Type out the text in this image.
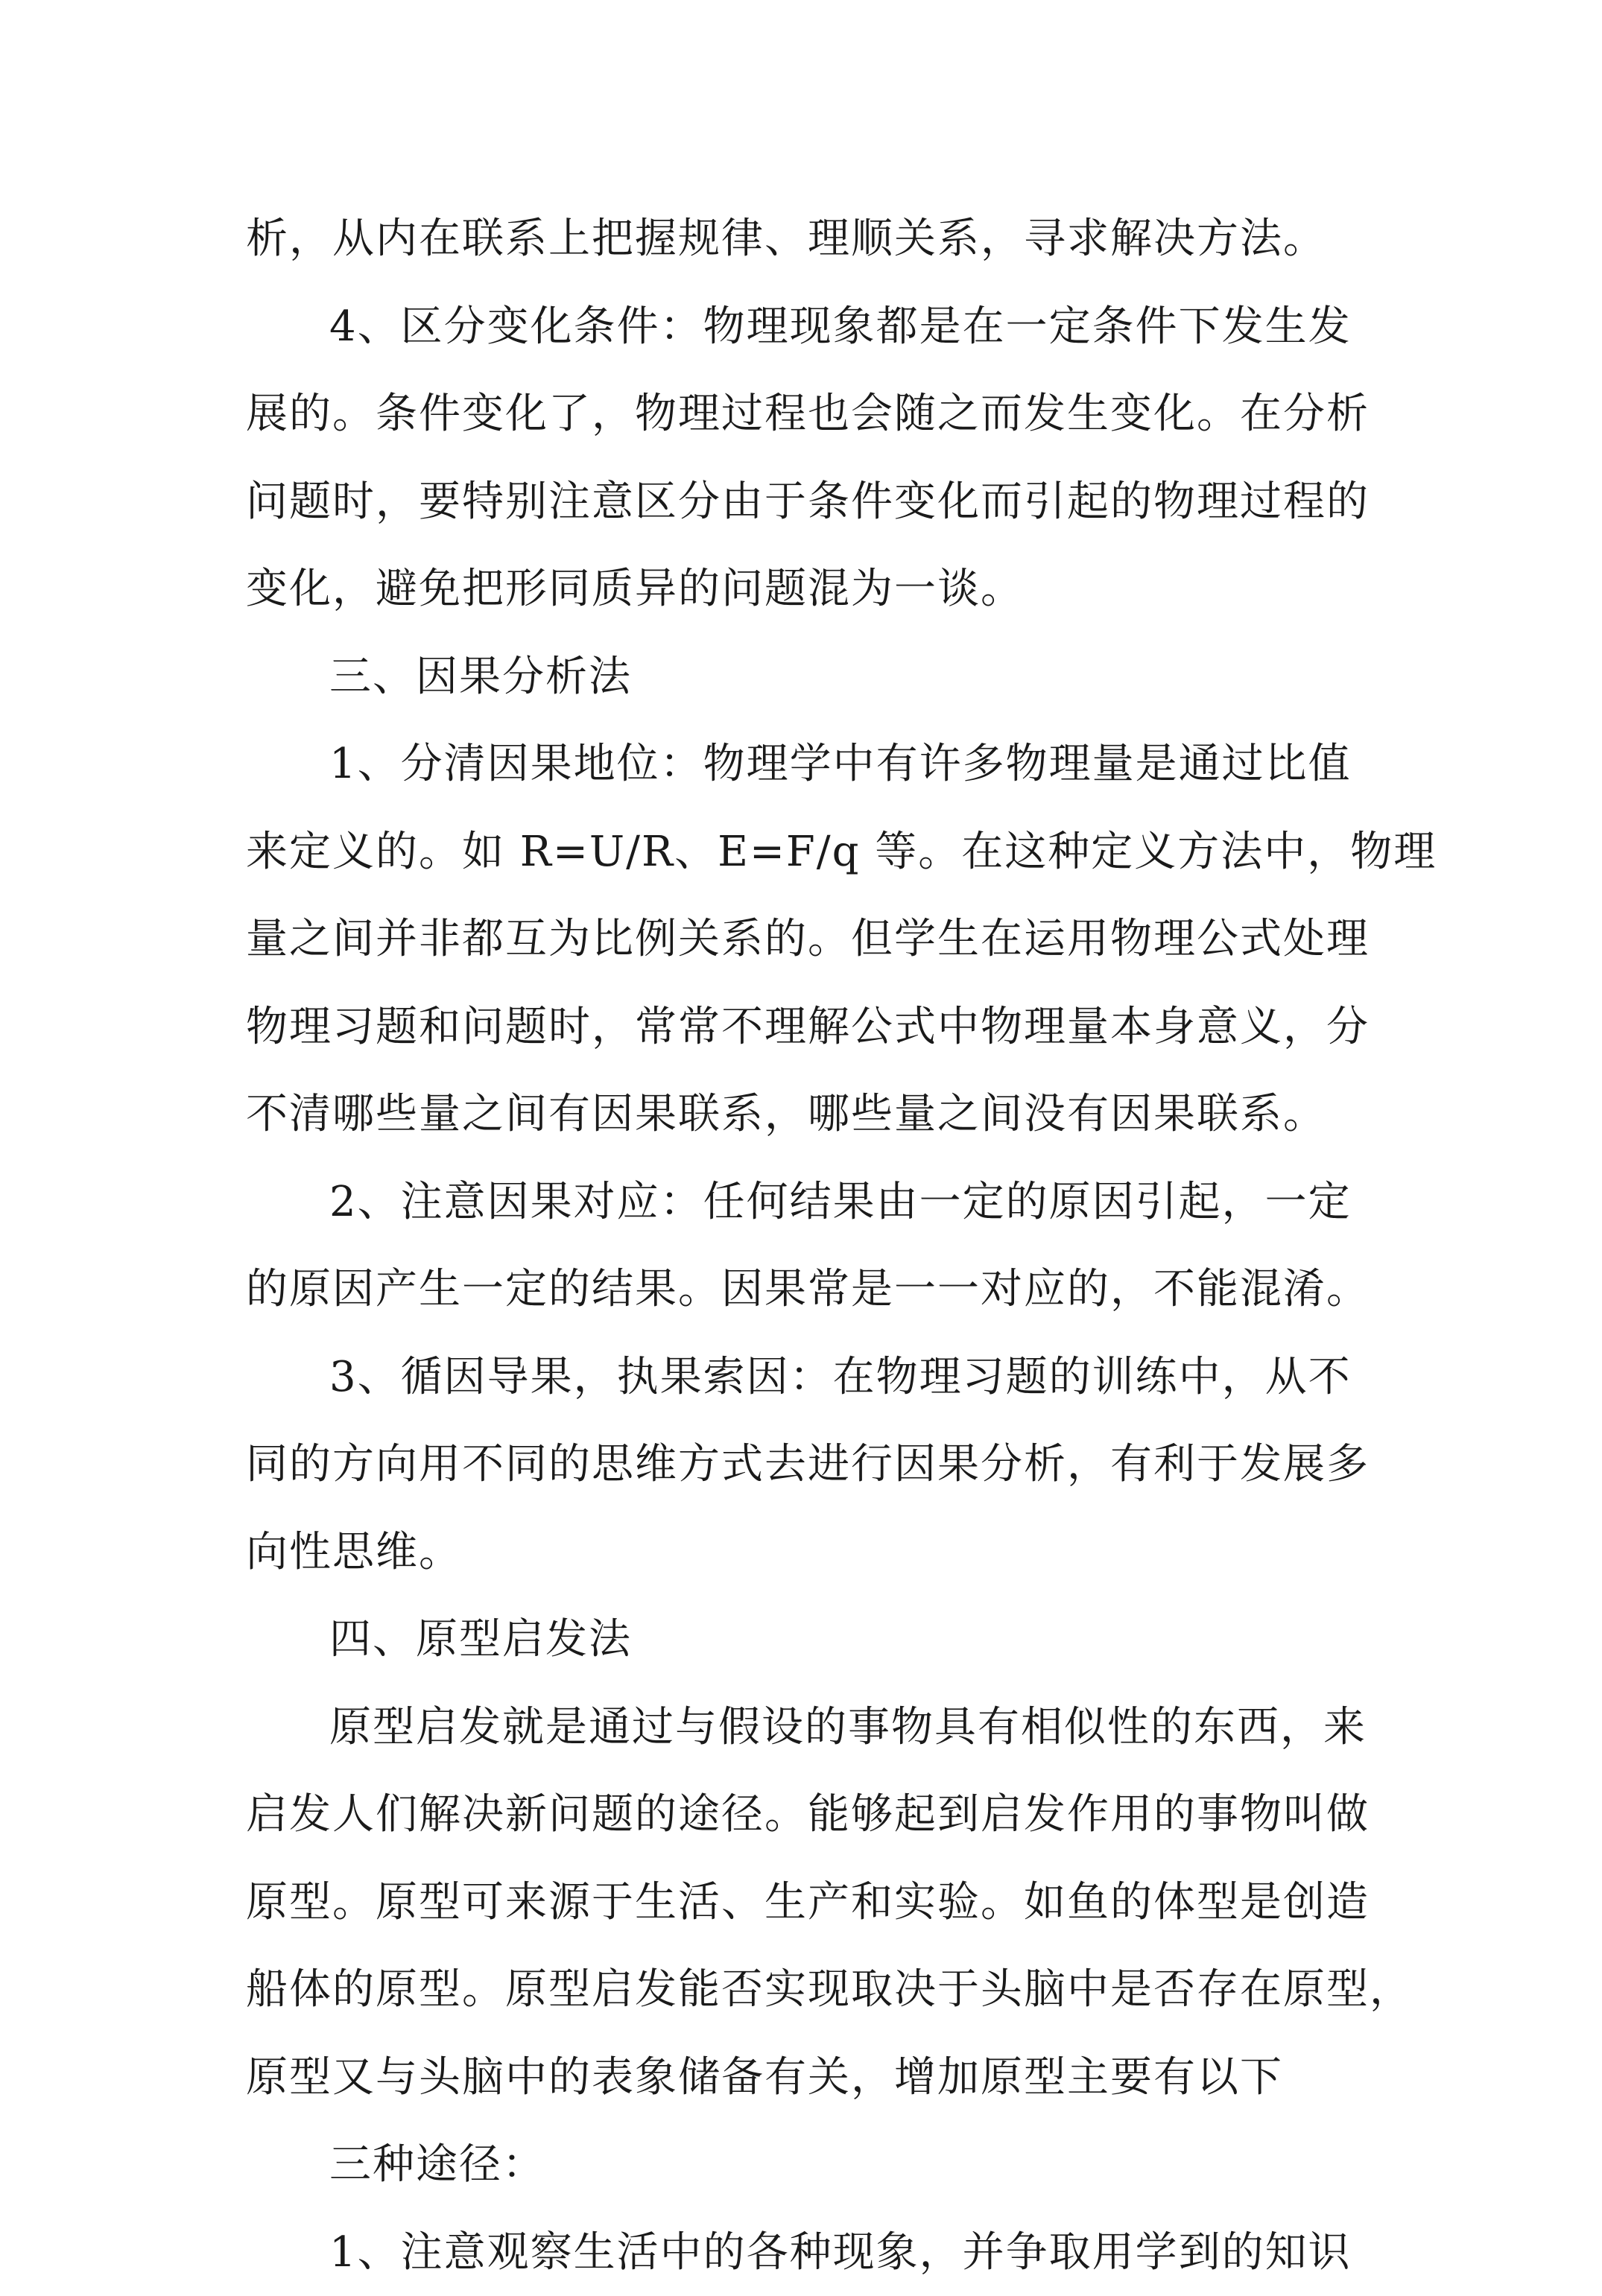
析，从内在联系上把握规律、理顺关系，寻求解决方法。
4、区分变化条件：物理现象都是在一定条件下发生发
展的。条件变化了，物理过程也会随之而发生变化。在分析
问题时，要特别注意区分由于条件变化而引起的物理过程的
变化，避免把形同质异的问题混为一谈。
三、因果分析法
1、分清因果地位：物理学中有许多物理量是通过比值
来定义的。如 R=U/R、E=F/q 等。在这种定义方法中，物理
量之间并非都互为比例关系的。但学生在运用物理公式处理
物理习题和问题时，常常不理解公式中物理量本身意义，分
不清哪些量之间有因果联系，哪些量之间没有因果联系。
2、注意因果对应：任何结果由一定的原因引起，一定
的原因产生一定的结果。因果常是一一对应的，不能混淆。
3、循因导果，执果索因：在物理习题的训练中，从不
同的方向用不同的思维方式去进行因果分析，有利于发展多
向性思维。
四、原型启发法
原型启发就是通过与假设的事物具有相似性的东西，来
启发人们解决新问题的途径。能够起到启发作用的事物叫做
原型。原型可来源于生活、生产和实验。如鱼的体型是创造
船体的原型。原型启发能否实现取决于头脑中是否存在原型，
原型又与头脑中的表象储备有关，增加原型主要有以下
三种途径：
1、注意观察生活中的各种现象，并争取用学到的知识
